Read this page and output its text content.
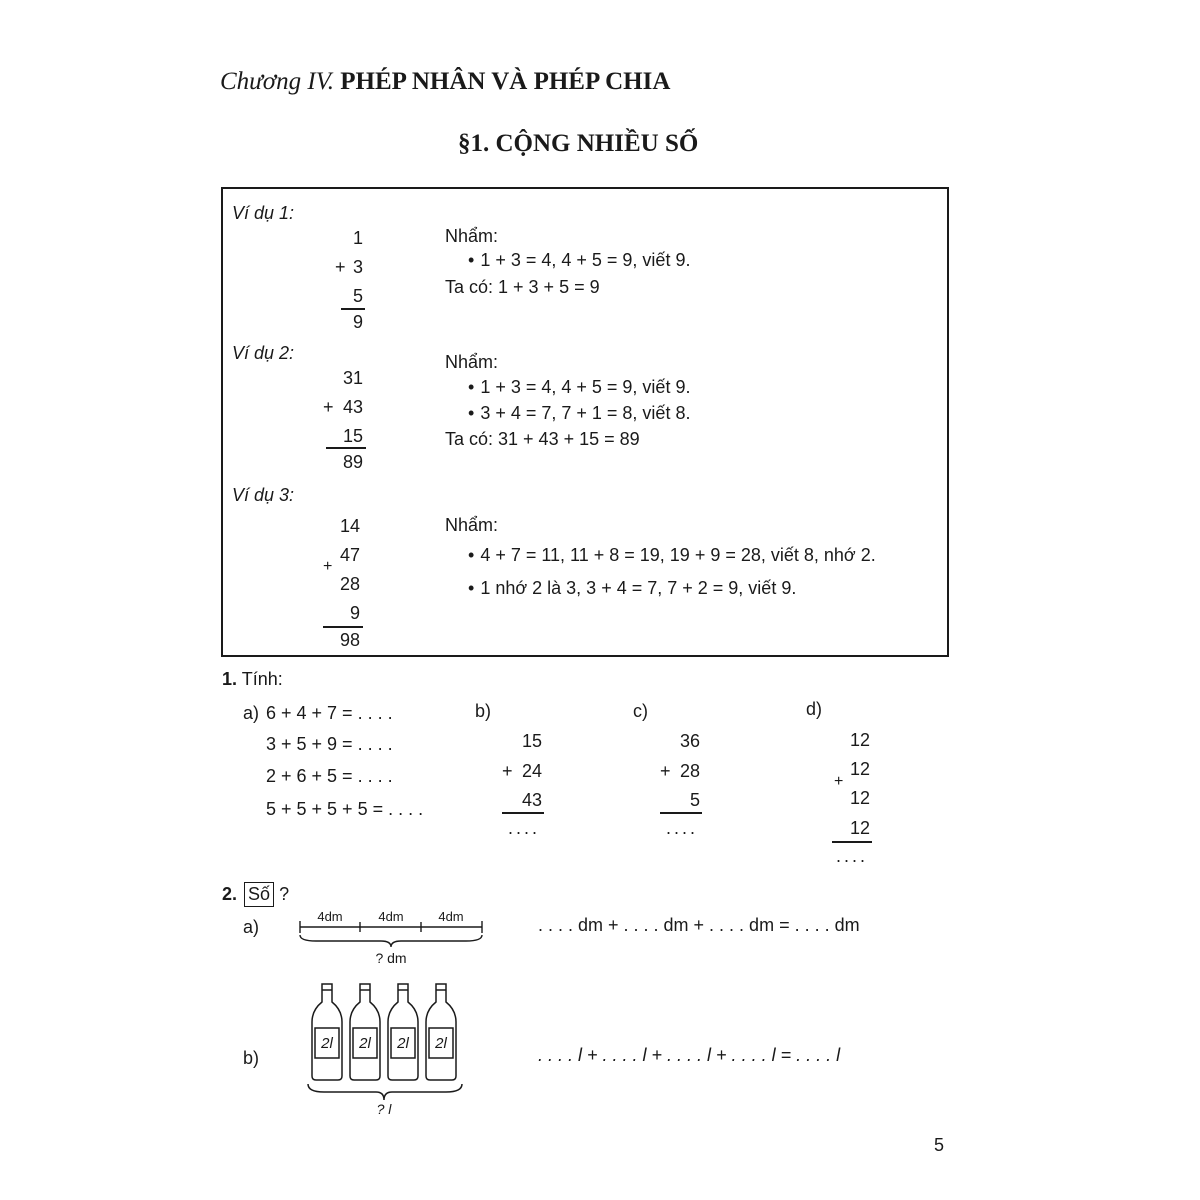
Chương IV. PHÉP NHÂN VÀ PHÉP CHIA
§1. CỘNG NHIỀU SỐ
Ví dụ 1:
1
+ 3
5
9
Nhẩm:
• 1 + 3 = 4, 4 + 5 = 9, viết 9.
Ta có: 1 + 3 + 5 = 9
Ví dụ 2:
31
+ 43
15
89
Nhẩm:
• 1 + 3 = 4, 4 + 5 = 9, viết 9.
• 3 + 4 = 7, 7 + 1 = 8, viết 8.
Ta có: 31 + 43 + 15 = 89
Ví dụ 3:
14
47
+
28
9
98
Nhẩm:
• 4 + 7 = 11, 11 + 8 = 19, 19 + 9 = 28, viết 8, nhớ 2.
• 1 nhớ 2 là 3, 3 + 4 = 7, 7 + 2 = 9, viết 9.
1. Tính:
a) 6 + 4 + 7 = . . . .
3 + 5 + 9 = . . . .
2 + 6 + 5 = . . . .
5 + 5 + 5 + 5 = . . . .
b)
15
+ 24
43
....
c)
36
+ 28
5
....
d)
12
12
+
12
12
....
2. Số ?
a)
4dm	4dm	4dm
? dm
. . . . dm + . . . . dm + . . . . dm = . . . . dm
b)
2l 2l 2l 2l
? l
. . . . l + . . . . l + . . . . l + . . . . l = . . . . l
5
